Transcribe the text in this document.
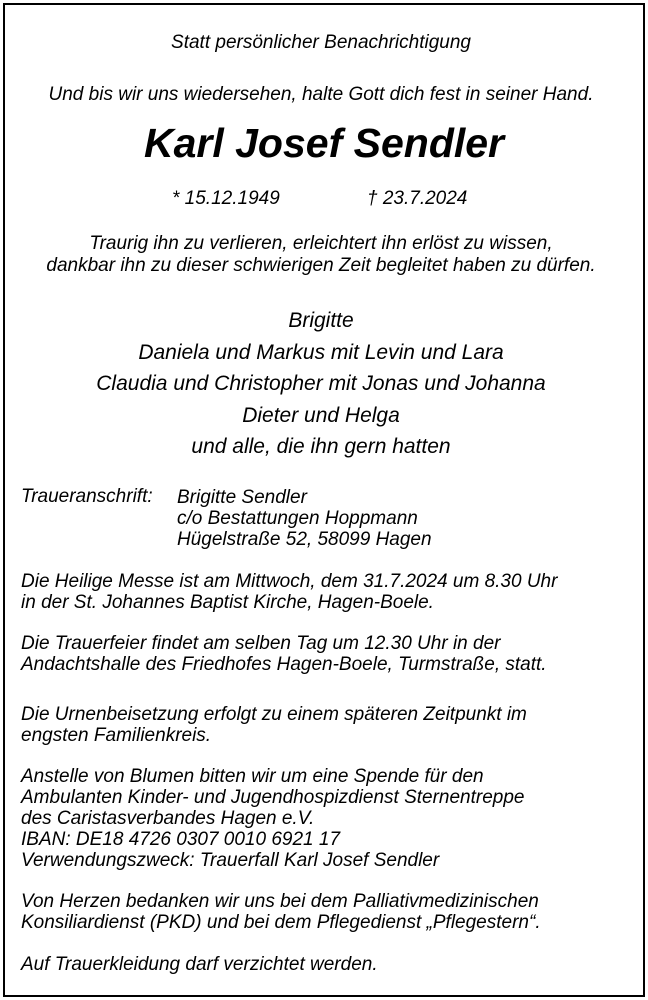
Statt persönlicher Benachrichtigung
Und bis wir uns wiedersehen, halte Gott dich fest in seiner Hand.
Karl Josef Sendler
* 15.12.1949	† 23.7.2024
Traurig ihn zu verlieren, erleichtert ihn erlöst zu wissen,
dankbar ihn zu dieser schwierigen Zeit begleitet haben zu dürfen.
Brigitte
Daniela und Markus mit Levin und Lara
Claudia und Christopher mit Jonas und Johanna
Dieter und Helga
und alle, die ihn gern hatten
Traueranschrift: Brigitte Sendler
c/o Bestattungen Hoppmann
Hügelstraße 52, 58099 Hagen
Die Heilige Messe ist am Mittwoch, dem 31.7.2024 um 8.30 Uhr
in der St. Johannes Baptist Kirche, Hagen-Boele.
Die Trauerfeier findet am selben Tag um 12.30 Uhr in der
Andachtshalle des Friedhofes Hagen-Boele, Turmstraße, statt.
Die Urnenbeisetzung erfolgt zu einem späteren Zeitpunkt im
engsten Familienkreis.
Anstelle von Blumen bitten wir um eine Spende für den
Ambulanten Kinder- und Jugendhospizdienst Sternentreppe
des Caristasverbandes Hagen e.V.
IBAN: DE18 4726 0307 0010 6921 17
Verwendungszweck: Trauerfall Karl Josef Sendler
Von Herzen bedanken wir uns bei dem Palliativmedizinischen
Konsiliardienst (PKD) und bei dem Pflegedienst „Pflegestern“.
Auf Trauerkleidung darf verzichtet werden.
